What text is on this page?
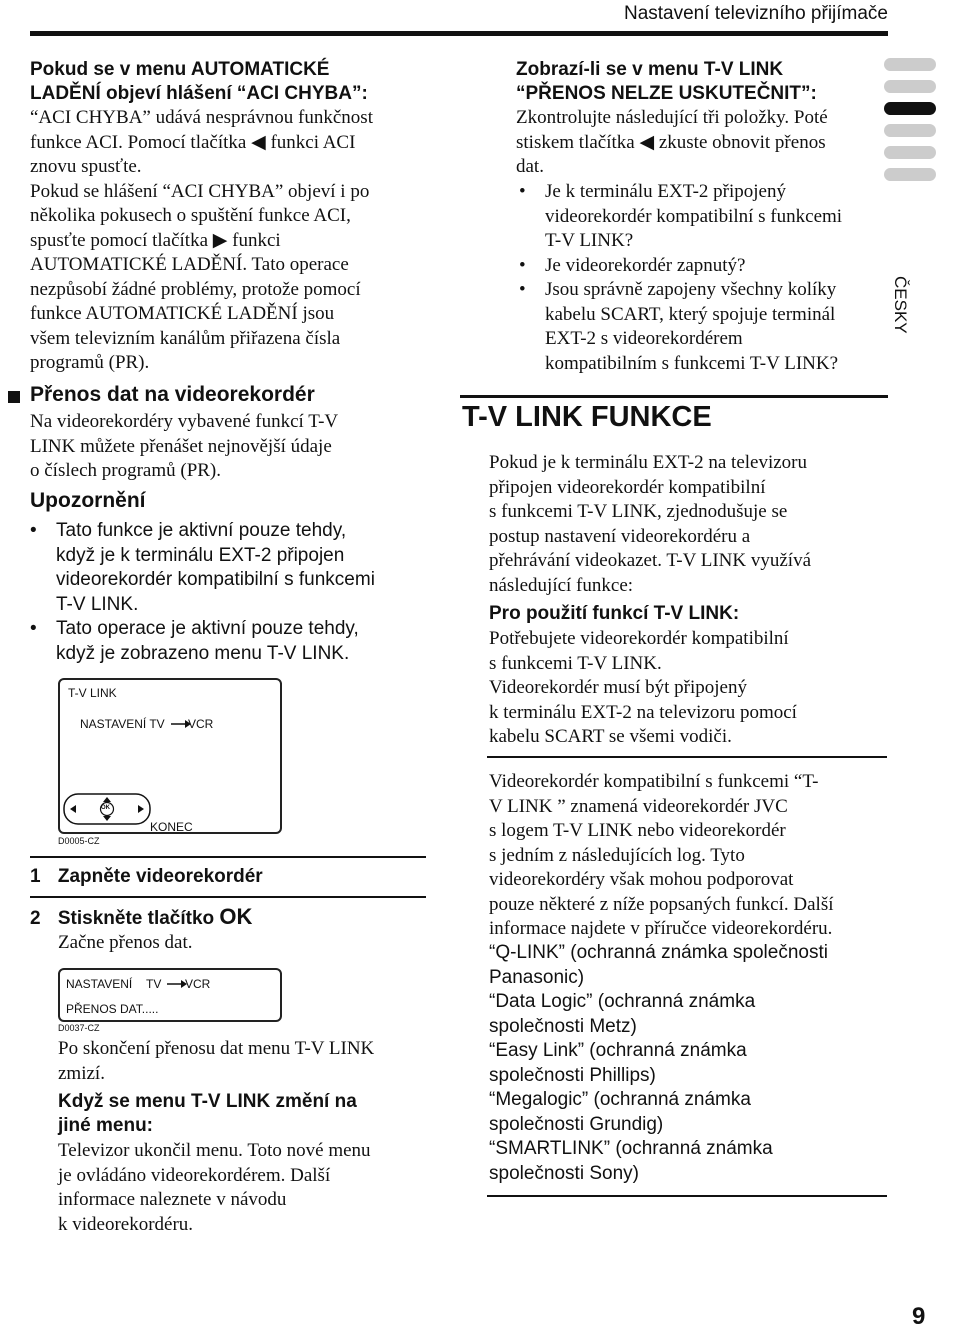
Nastavení televizního přijímače
ČESKY
Pokud se v menu AUTOMATICKÉ
LADĚNÍ objeví hlášení “ACI CHYBA”:
“ACI CHYBA” udává nesprávnou funkčnost
funkce ACI. Pomocí tlačítka ◀ funkci ACI
znovu spusťte.
Pokud se hlášení “ACI CHYBA” objeví i po
několika pokusech o spuštění funkce ACI,
spusťte pomocí tlačítka ▶ funkci
AUTOMATICKÉ LADĚNÍ. Tato operace
nezpůsobí žádné problémy, protože pomocí
funkce AUTOMATICKÉ LADĚNÍ jsou
všem televizním kanálům přiřazena čísla
programů (PR).
Přenos dat na videorekordér
Na videorekordéry vybavené funkcí T-V
LINK můžete přenášet nejnovější údaje
o číslech programů (PR).
Upozornění
• Tato funkce je aktivní pouze tehdy,
když je k terminálu EXT-2 připojen
videorekordér kompatibilní s funkcemi
T-V LINK.
• Tato operace je aktivní pouze tehdy,
když je zobrazeno menu T-V LINK.
T-V LINK
NASTAVENÍ TV VCR
OK
KONEC
D0005-CZ
1 Zapněte videorekordér
2 Stiskněte tlačítko OK
Začne přenos dat.
NASTAVENÍ TV VCR
PŘENOS DAT.....
D0037-CZ
Po skončení přenosu dat menu T-V LINK
zmizí.
Když se menu T-V LINK změní na
jiné menu:
Televizor ukončil menu. Toto nové menu
je ovládáno videorekordérem. Další
informace naleznete v návodu
k videorekordéru.
Zobrazí-li se v menu T-V LINK
“PŘENOS NELZE USKUTEČNIT”:
Zkontrolujte následující tři položky. Poté
stiskem tlačítka ◀ zkuste obnovit přenos
dat.
• Je k terminálu EXT-2 připojený
videorekordér kompatibilní s funkcemi
T-V LINK?
• Je videorekordér zapnutý?
• Jsou správně zapojeny všechny kolíky
kabelu SCART, který spojuje terminál
EXT-2 s videorekordérem
kompatibilním s funkcemi T-V LINK?
T-V LINK FUNKCE
Pokud je k terminálu EXT-2 na televizoru
připojen videorekordér kompatibilní
s funkcemi T-V LINK, zjednodušuje se
postup nastavení videorekordéru a
přehrávání videokazet. T-V LINK využívá
následující funkce:
Pro použití funkcí T-V LINK:
Potřebujete videorekordér kompatibilní
s funkcemi T-V LINK.
Videorekordér musí být připojený
k terminálu EXT-2 na televizoru pomocí
kabelu SCART se všemi vodiči.
Videorekordér kompatibilní s funkcemi “T-
V LINK ” znamená videorekordér JVC
s logem T-V LINK nebo videorekordér
s jedním z následujících log. Tyto
videorekordéry však mohou podporovat
pouze některé z níže popsaných funkcí. Další
informace najdete v příručce videorekordéru.
“Q-LINK” (ochranná známka společnosti
Panasonic)
“Data Logic” (ochranná známka
společnosti Metz)
“Easy Link” (ochranná známka
společnosti Phillips)
“Megalogic” (ochranná známka
společnosti Grundig)
“SMARTLINK” (ochranná známka
společnosti Sony)
9
